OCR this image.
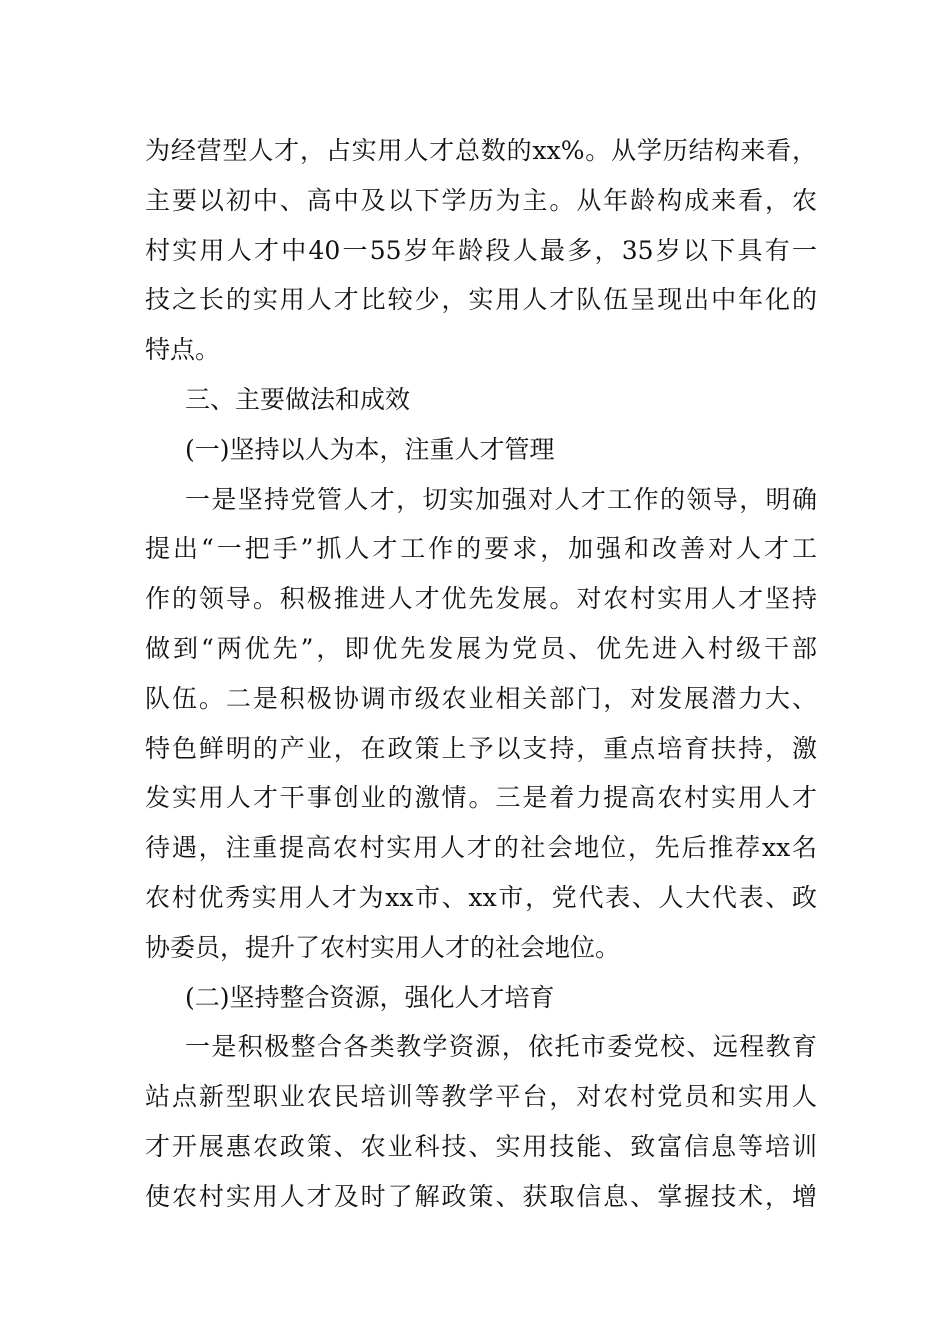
为经营型人才，占实用人才总数的xx%。从学历结构来看，
主要以初中、高中及以下学历为主。从年龄构成来看，农
村实用人才中40一55岁年龄段人最多，35岁以下具有一
技之长的实用人才比较少，实用人才队伍呈现出中年化的
特点。
三、主要做法和成效
(一)坚持以人为本，注重人才管理
一是坚持党管人才，切实加强对人才工作的领导，明确
提出“一把手”抓人才工作的要求，加强和改善对人才工
作的领导。积极推进人才优先发展。对农村实用人才坚持
做到“两优先”，即优先发展为党员、优先进入村级干部
队伍。二是积极协调市级农业相关部门，对发展潜力大、
特色鲜明的产业，在政策上予以支持，重点培育扶持，激
发实用人才干事创业的激情。三是着力提高农村实用人才
待遇，注重提高农村实用人才的社会地位，先后推荐xx名
农村优秀实用人才为xx市、xx市，党代表、人大代表、政
协委员，提升了农村实用人才的社会地位。
(二)坚持整合资源，强化人才培育
一是积极整合各类教学资源，依托市委党校、远程教育
站点新型职业农民培训等教学平台，对农村党员和实用人
才开展惠农政策、农业科技、实用技能、致富信息等培训
使农村实用人才及时了解政策、获取信息、掌握技术，增
